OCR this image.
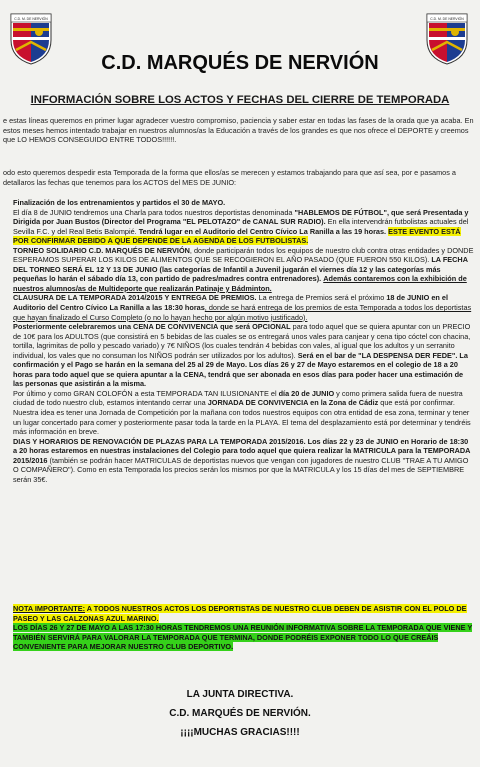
C.D. M. DE NERVIÓN	C.D. M. DE NERVIÓN
C.D. MARQUÉS DE NERVIÓN
INFORMACIÓN SOBRE LOS ACTOS Y FECHAS DEL CIERRE DE TEMPORADA

e estas líneas queremos en primer lugar agradecer vuestro compromiso, paciencia y saber estar en todas las fases de la orada que ya acaba. En estos meses hemos intentado trabajar en nuestros alumnos/as la Educación a través de los grandes es que nos ofrece el DEPORTE y creemos que LO HEMOS CONSEGUIDO ENTRE TODOS!!!!!!.

odo esto queremos despedir esta Temporada de la forma que ellos/as se merecen y estamos trabajando para que así sea, por e pasamos a detallaros las fechas que tenemos para los ACTOS del MES DE JUNIO:

Finalización de los entrenamientos y partidos el 30 de MAYO.

El día 8 de JUNIO tendremos una Charla para todos nuestros deportistas denominada "HABLEMOS DE FÚTBOL", que será Presentada y Dirigida por Juan Bustos (Director del Programa "EL PELOTAZO" de CANAL SUR RADIO). En ella intervendrán futbolistas actuales del Sevilla F.C. y del Real Betis Balompié. Tendrá lugar en el Auditorio del Centro Cívico La Ranilla a las 19 horas. ESTE EVENTO ESTÁ POR CONFIRMAR DEBIDO A QUE DEPENDE DE LA AGENDA DE LOS FUTBOLISTAS.

TORNEO SOLIDARIO C.D. MARQUÉS DE NERVIÓN, donde participarán todos los equipos de nuestro club contra otras entidades y DONDE ESPERAMOS SUPERAR LOS KILOS DE ALIMENTOS QUE SE RECOGIERON EL AÑO PASADO (QUE FUERON 550 KILOS). LA FECHA DEL TORNEO SERÁ EL 12 Y 13 DE JUNIO (las categorías de Infantil a Juvenil jugarán el viernes día 12 y las categorías más pequeñas lo harán el sábado día 13, con partido de padres/madres contra entrenadores). Además contaremos con la exhibición de nuestros alumnos/as de Multideporte que realizarán Patinaje y Bádminton.

CLAUSURA DE LA TEMPORADA 2014/2015 Y ENTREGA DE PREMIOS. La entrega de Premios será el próximo 18 de JUNIO en el Auditorio del Centro Cívico La Ranilla a las 18:30 horas, donde se hará entrega de los premios de esta Temporada a todos los deportistas que hayan finalizado el Curso Completo (o no lo hayan hecho por algún motivo justificado).

Posteriormente celebraremos una CENA DE CONVIVENCIA que será OPCIONAL para todo aquel que se quiera apuntar con un PRECIO de 10€ para los ADULTOS (que consistirá en 5 bebidas de las cuales se os entregará unos vales para canjear y cena tipo cóctel con chacina, tortilla, lagrimitas de pollo y pescado variado) y 7€ NIÑOS (los cuales tendrán 4 bebidas con vales, al igual que los adultos y un serranito individual, los vales que no consuman los NIÑOS podrán ser utilizados por los adultos). Será en el bar de "LA DESPENSA DER FEDE". La confirmación y el Pago se harán en la semana del 25 al 29 de Mayo. Los días 26 y 27 de Mayo estaremos en el colegio de 18 a 20 horas para todo aquel que se quiera apuntar a la CENA, tendrá que ser abonada en esos días para poder hacer una estimación de las personas que asistirán a la misma.

Por último y como GRAN COLOFÓN a esta TEMPORADA TAN ILUSIONANTE el día 20 de JUNIO y como primera salida fuera de nuestra ciudad de todo nuestro club, estamos intentando cerrar una JORNADA DE CONVIVENCIA en la Zona de Cádiz que está por confirmar. Nuestra idea es tener una Jornada de Competición por la mañana con todos nuestros equipos con otra entidad de esa zona, terminar y tener un lugar concertado para comer y posteriormente pasar toda la tarde en la PLAYA. El tema del desplazamiento está por determinar y tendréis más información en breve.

DIAS Y HORARIOS DE RENOVACIÓN DE PLAZAS PARA LA TEMPORADA 2015/2016. Los días 22 y 23 de JUNIO en Horario de 18:30 a 20 horas estaremos en nuestras instalaciones del Colegio para todo aquel que quiera realizar la MATRICULA para la TEMPORADA 2015/2016 (también se podrán hacer MATRICULAS de deportistas nuevos que vengan con jugadores de nuestro CLUB "TRAE A TU AMIGO O COMPAÑERO"). Como en esta Temporada los precios serán los mismos por que la MATRICULA y los 15 días del mes de SEPTIEMBRE serán 35€.

NOTA IMPORTANTE: A TODOS NUESTROS ACTOS LOS DEPORTISTAS DE NUESTRO CLUB DEBEN DE ASISTIR CON EL POLO DE PASEO Y LAS CALZONAS AZUL MARINO.

LOS DÍAS 26 Y 27 DE MAYO A LAS 17:30 HORAS TENDREMOS UNA REUNIÓN INFORMATIVA SOBRE LA TEMPORADA QUE VIENE Y TAMBIÉN SERVIRÁ PARA VALORAR LA TEMPORADA QUE TERMINA, DONDE PODRÉIS EXPONER TODO LO QUE CREÁIS CONVENIENTE PARA MEJORAR NUESTRO CLUB DEPORTIVO.

LA JUNTA DIRECTIVA.
C.D. MARQUÉS DE NERVIÓN.
¡¡¡¡MUCHAS GRACIAS!!!!
